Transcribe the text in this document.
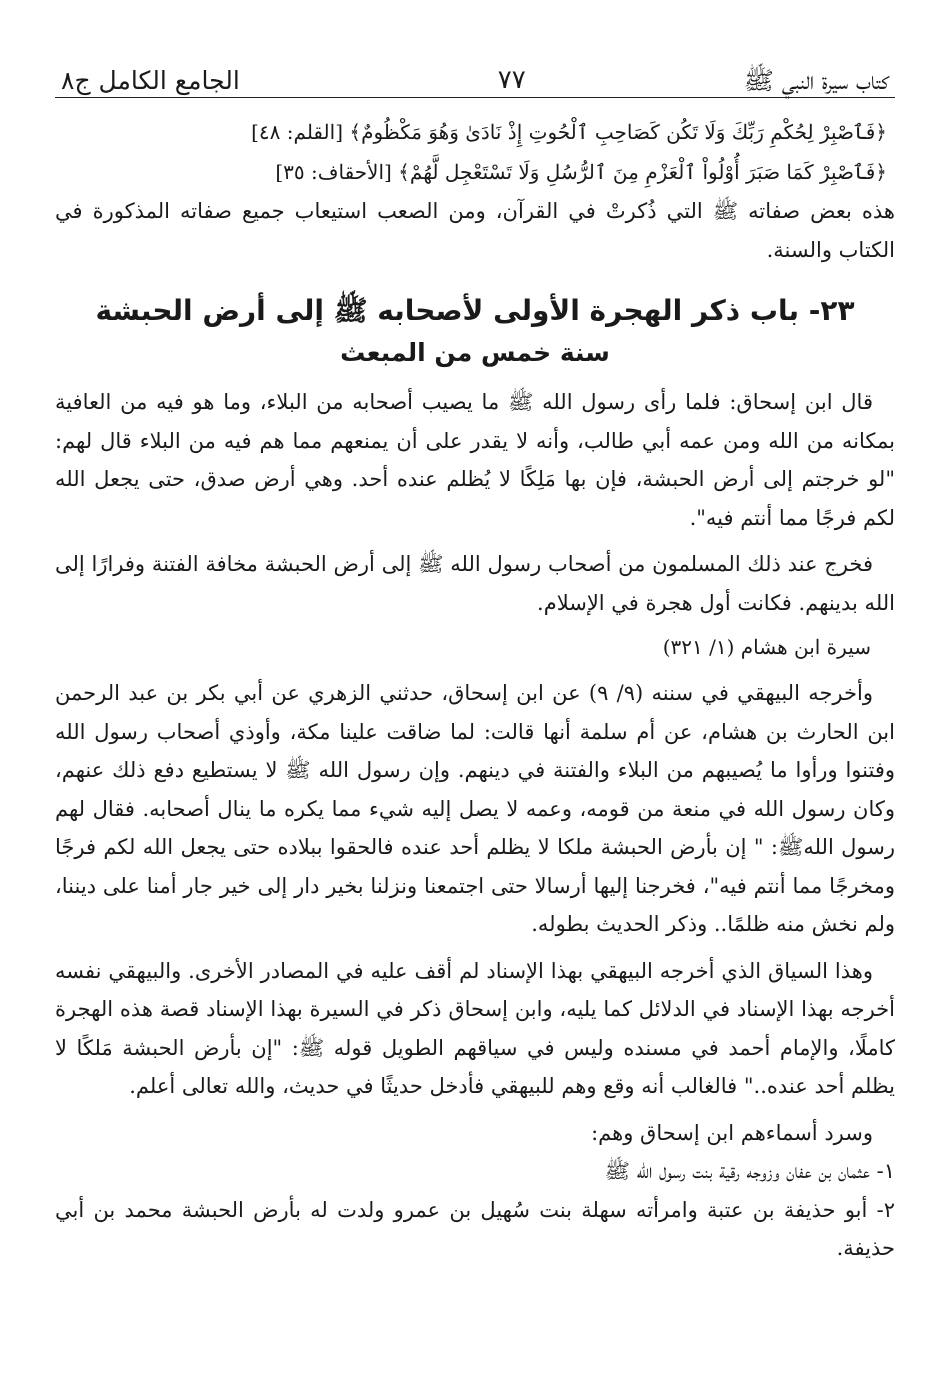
كتاب سيرة النبي ﷺ
٧٧
الجامع الكامل ج٨

﴿فَٱصْبِرْ لِحُكْمِ رَبِّكَ وَلَا تَكُن كَصَاحِبِ ٱلْحُوتِ إِذْ نَادَىٰ وَهُوَ مَكْظُومٌ﴾ [القلم: ٤٨]

﴿فَٱصْبِرْ كَمَا صَبَرَ أُوْلُواْ ٱلْعَزْمِ مِنَ ٱلرُّسُلِ وَلَا تَسْتَعْجِل لَّهُمْ﴾ [الأحقاف: ٣٥]

هذه بعض صفاته ﷺ التي ذُكرتْ في القرآن، ومن الصعب استيعاب جميع صفاته المذكورة في الكتاب والسنة.

٢٣- باب ذكر الهجرة الأولى لأصحابه ﷺ إلى أرض الحبشة
سنة خمس من المبعث

قال ابن إسحاق: فلما رأى رسول الله ﷺ ما يصيب أصحابه من البلاء، وما هو فيه من العافية بمكانه من الله ومن عمه أبي طالب، وأنه لا يقدر على أن يمنعهم مما هم فيه من البلاء قال لهم: "لو خرجتم إلى أرض الحبشة، فإن بها مَلِكًا لا يُظلم عنده أحد. وهي أرض صدق، حتى يجعل الله لكم فرجًا مما أنتم فيه".

فخرج عند ذلك المسلمون من أصحاب رسول الله ﷺ إلى أرض الحبشة مخافة الفتنة وفرارًا إلى الله بدينهم. فكانت أول هجرة في الإسلام.

سيرة ابن هشام (١/ ٣٢١)

وأخرجه البيهقي في سننه (٩/ ٩) عن ابن إسحاق، حدثني الزهري عن أبي بكر بن عبد الرحمن ابن الحارث بن هشام، عن أم سلمة أنها قالت: لما ضاقت علينا مكة، وأوذي أصحاب رسول الله وفتنوا ورأوا ما يُصيبهم من البلاء والفتنة في دينهم. وإن رسول الله ﷺ لا يستطيع دفع ذلك عنهم، وكان رسول الله في منعة من قومه، وعمه لا يصل إليه شيء مما يكره ما ينال أصحابه. فقال لهم رسول اللهﷺ: " إن بأرض الحبشة ملكا لا يظلم أحد عنده فالحقوا ببلاده حتى يجعل الله لكم فرجًا ومخرجًا مما أنتم فيه"، فخرجنا إليها أرسالا حتى اجتمعنا ونزلنا بخير دار إلى خير جار أمنا على ديننا، ولم نخش منه ظلمًا.. وذكر الحديث بطوله.

وهذا السياق الذي أخرجه البيهقي بهذا الإسناد لم أقف عليه في المصادر الأخرى. والبيهقي نفسه أخرجه بهذا الإسناد في الدلائل كما يليه، وابن إسحاق ذكر في السيرة بهذا الإسناد قصة هذه الهجرة كاملًا، والإمام أحمد في مسنده وليس في سياقهم الطويل قوله ﷺ: "إن بأرض الحبشة مَلكًا لا يظلم أحد عنده.." فالغالب أنه وقع وهم للبيهقي فأدخل حديثًا في حديث، والله تعالى أعلم.

وسرد أسماءهم ابن إسحاق وهم:

١- عثمان بن عفان وزوجه رقية بنت رسول الله ﷺ

٢- أبو حذيفة بن عتبة وامرأته سهلة بنت سُهيل بن عمرو ولدت له بأرض الحبشة محمد بن أبي حذيفة.
